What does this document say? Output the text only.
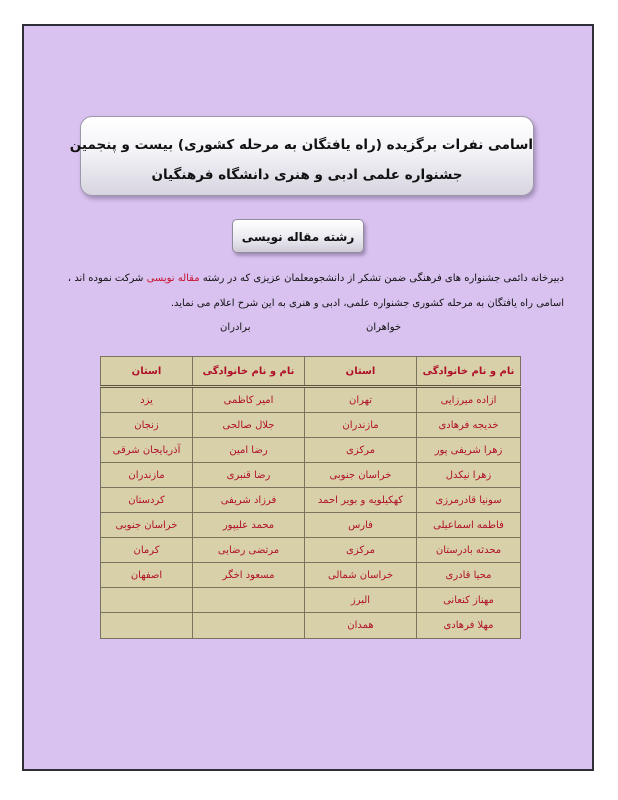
اسامی نفرات برگزیده (راه یافتگان به مرحله کشوری) بیست و پنجمین
جشنواره علمی ادبی و هنری دانشگاه فرهنگیان
رشته مقاله نویسی
دبیرخانه دائمی جشنواره های فرهنگی ضمن تشکر از دانشجومعلمان عزیزی که در رشته مقاله نویسی شرکت نموده اند ، اسامی راه یافتگان به مرحله کشوری جشنواره علمی، ادبی و هنری به این شرح اعلام می نماید.
خواهران
برادران
نام و نام خانوادگی	استان	نام و نام خانوادگی	استان
ازاده میرزایی	تهران	امیر کاظمی	یزد
خدیجه فرهادی	مازندران	جلال صالحی	زنجان
زهرا شریفی پور	مرکزی	رضا امین	آذربایجان شرقی
زهرا نیکدل	خراسان جنوبی	رضا قنبری	مازندران
سونیا قادرمرزی	کهکیلویه و بویر احمد	فرزاد شریفی	کردستان
فاطمه اسماعیلی	فارس	محمد علیپور	خراسان جنوبی
محدثه بادرستان	مرکزی	مرتضی رضایی	کرمان
محیا قادری	خراسان شمالی	مسعود اخگر	اصفهان
مهناز کنعانی	البرز		
مهلا فرهادی	همدان		
